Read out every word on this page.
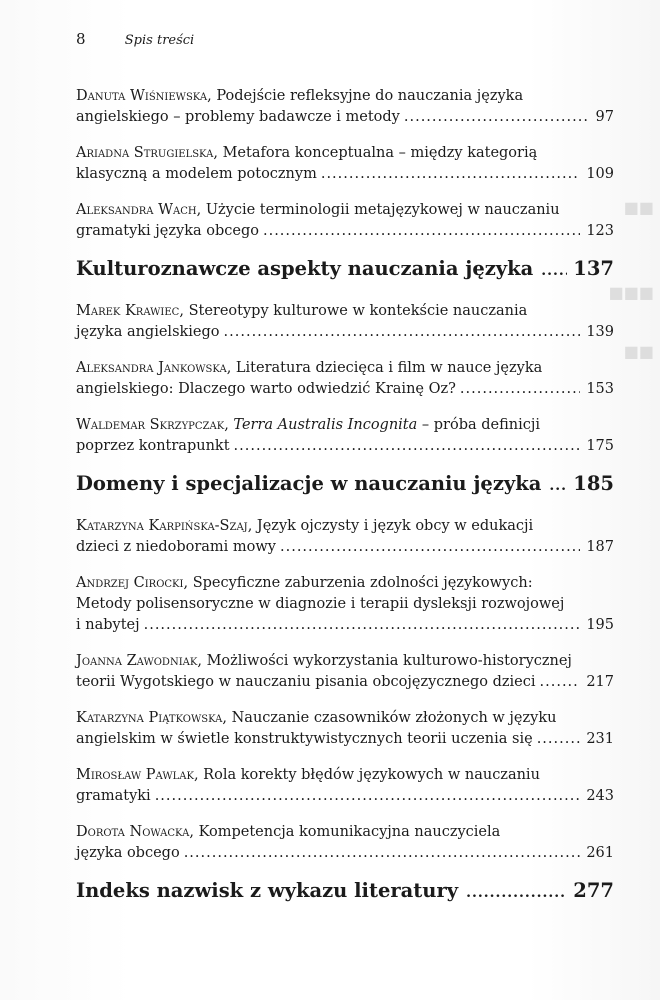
8	Spis treści
■■
■■■
■■
Danuta Wiśniewska, Podejście refleksyjne do nauczania języka
angielskiego – problemy badawcze i metody .....	97
Ariadna Strugielska, Metafora konceptualna – między kategorią
klasyczną a modelem potocznym .....	109
Aleksandra Wach, Użycie terminologii metajęzykowej w nauczaniu
gramatyki języka obcego .....	123
Kulturoznawcze aspekty nauczania języka ..... 137
Marek Krawiec, Stereotypy kulturowe w kontekście nauczania
języka angielskiego .....	139
Aleksandra Jankowska, Literatura dziecięca i film w nauce języka
angielskiego: Dlaczego warto odwiedzić Krainę Oz? .....	153
Waldemar Skrzypczak, Terra Australis Incognita – próba definicji
poprzez kontrapunkt .....	175
Domeny i specjalizacje w nauczaniu języka ..... 185
Katarzyna Karpińska-Szaj, Język ojczysty i język obcy w edukacji
dzieci z niedoborami mowy .....	187
Andrzej Cirocki, Specyficzne zaburzenia zdolności językowych:
Metody polisensoryczne w diagnozie i terapii dysleksji rozwojowej
i nabytej .....	195
Joanna Zawodniak, Możliwości wykorzystania kulturowo-historycznej
teorii Wygotskiego w nauczaniu pisania obcojęzycznego dzieci .....	217
Katarzyna Piątkowska, Nauczanie czasowników złożonych w języku
angielskim w świetle konstruktywistycznych teorii uczenia się .....	231
Mirosław Pawlak, Rola korekty błędów językowych w nauczaniu
gramatyki .....	243
Dorota Nowacka, Kompetencja komunikacyjna nauczyciela
języka obcego .....	261
Indeks nazwisk z wykazu literatury .....	277
